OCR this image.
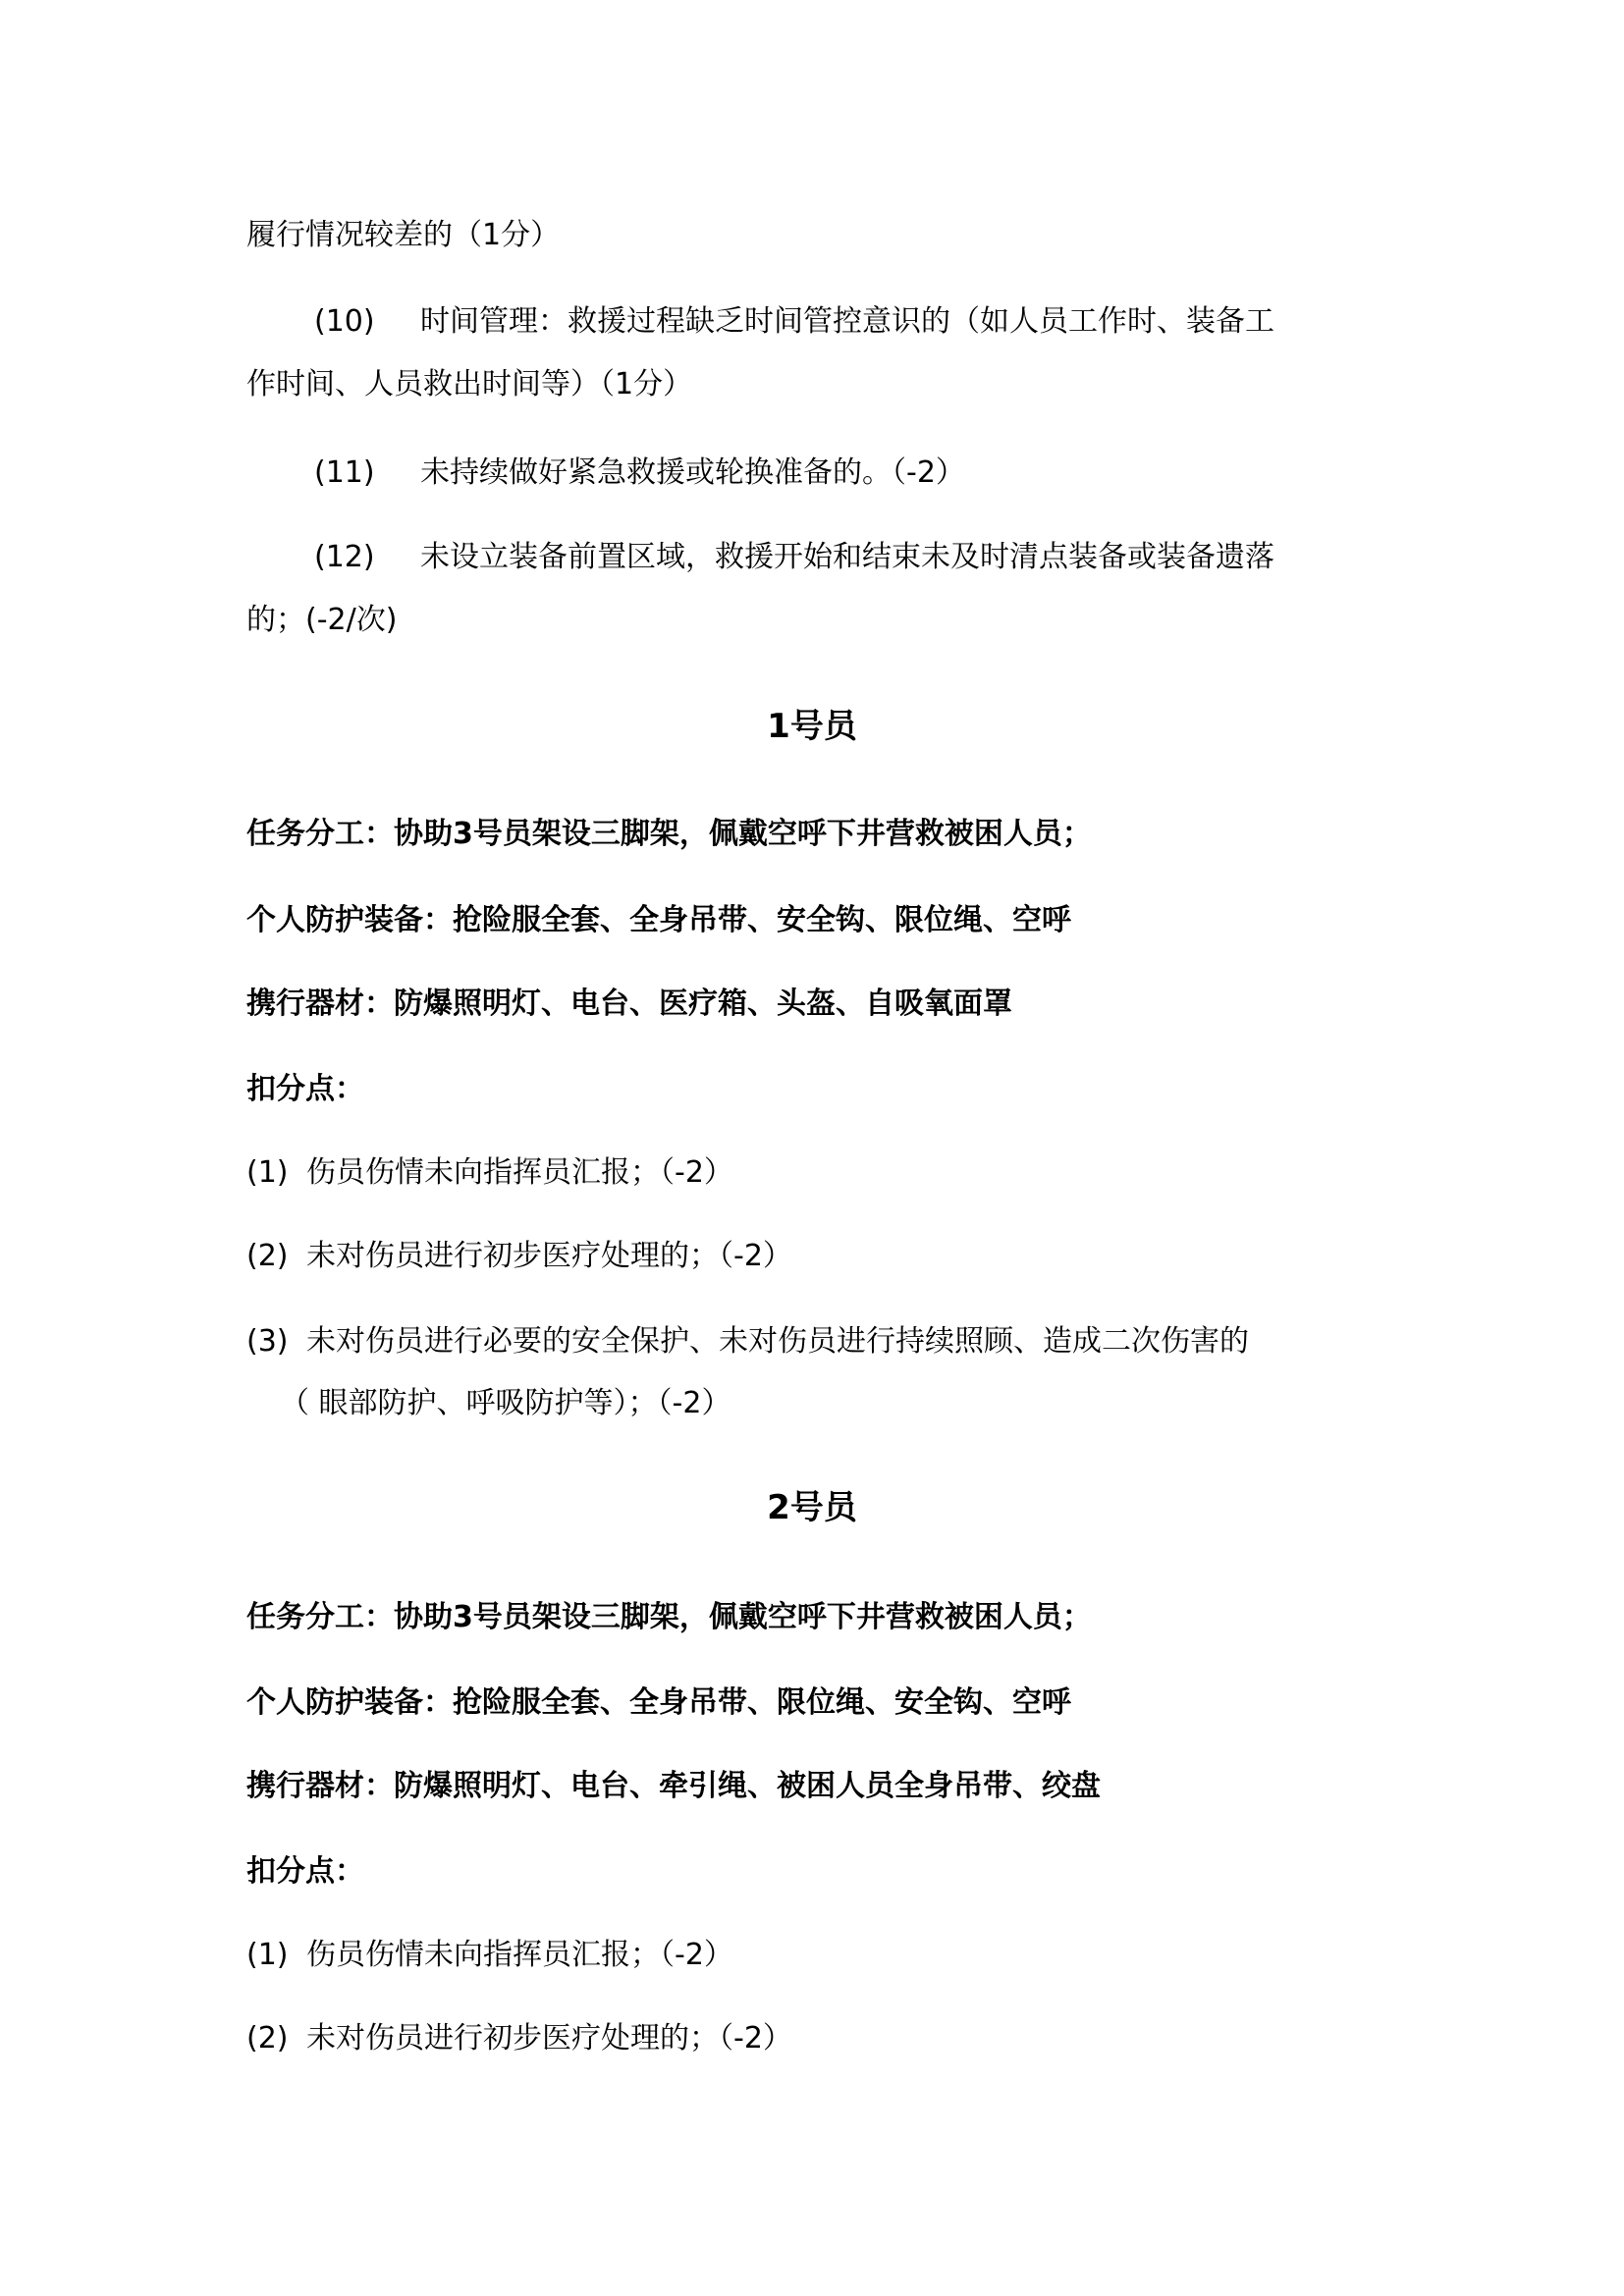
履行情况较差的（1分）
(10) 时间管理：救援过程缺乏时间管控意识的（如人员工作时、装备工
作时间、人员救出时间等）（1分）
(11) 未持续做好紧急救援或轮换准备的。（-2）
(12) 未设立装备前置区域，救援开始和结束未及时清点装备或装备遗落
的；(-2/次)
1号员
任务分工：协助3号员架设三脚架，佩戴空呼下井营救被困人员；
个人防护装备：抢险服全套、全身吊带、安全钩、限位绳、空呼
携行器材：防爆照明灯、电台、医疗箱、头盔、自吸氧面罩
扣分点：
(1) 伤员伤情未向指挥员汇报；（-2）
(2) 未对伤员进行初步医疗处理的；（-2）
(3) 未对伤员进行必要的安全保护、未对伤员进行持续照顾、造成二次伤害的
（ 眼部防护、呼吸防护等）；（-2）
2号员
任务分工：协助3号员架设三脚架，佩戴空呼下井营救被困人员；
个人防护装备：抢险服全套、全身吊带、限位绳、安全钩、空呼
携行器材：防爆照明灯、电台、牵引绳、被困人员全身吊带、绞盘
扣分点：
(1) 伤员伤情未向指挥员汇报；（-2）
(2) 未对伤员进行初步医疗处理的；（-2）
